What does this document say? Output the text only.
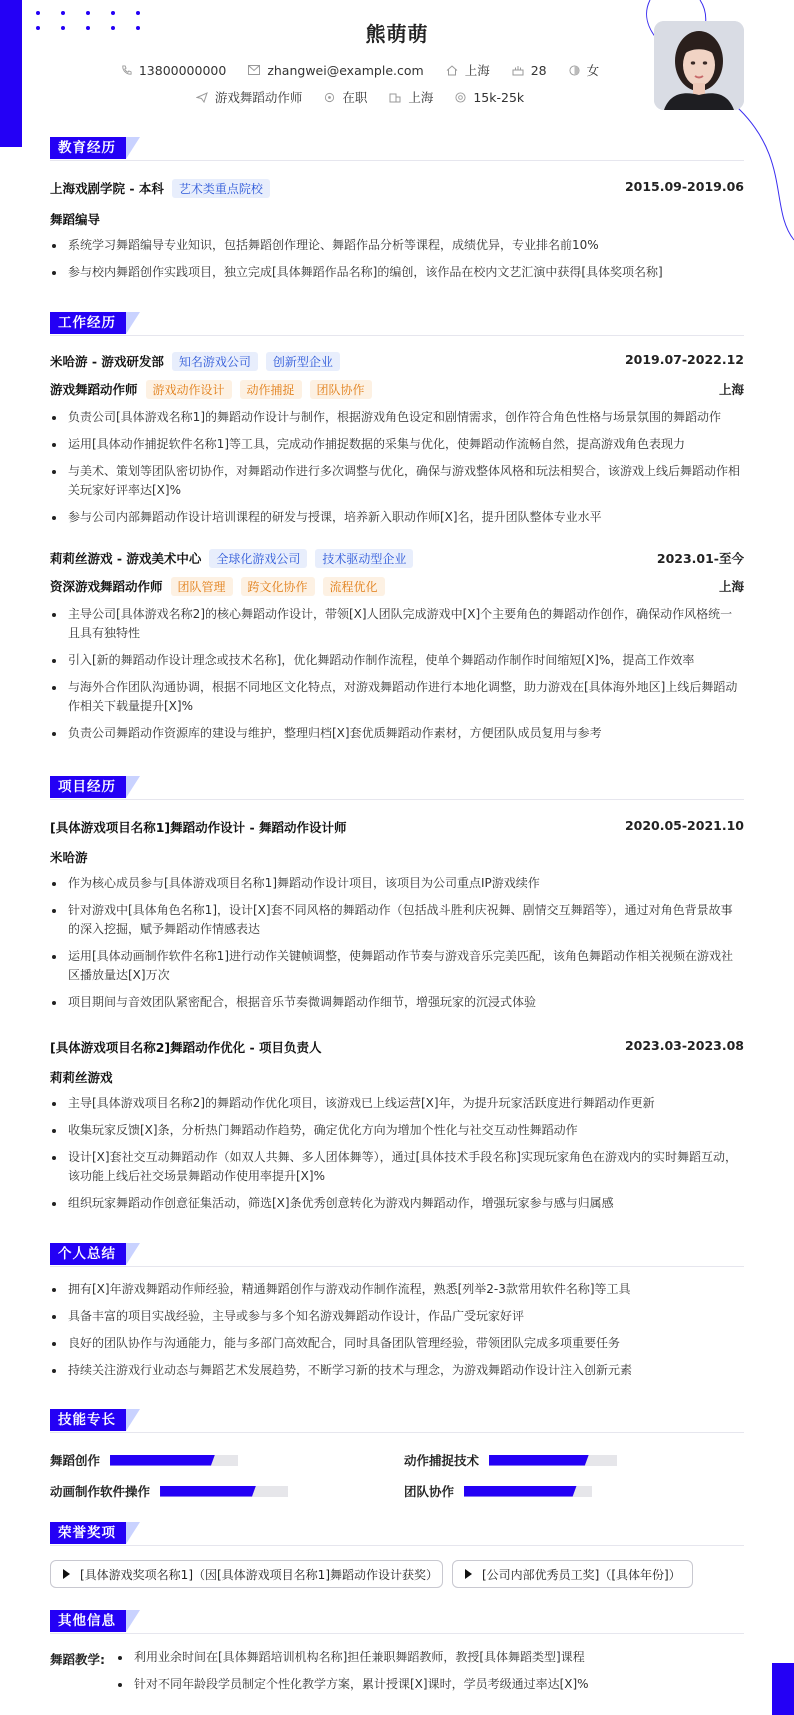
熊萌萌
13800000000	zhangwei@example.com	上海	28	女
游戏舞蹈动作师	在职	上海	15k-25k
教育经历
上海戏剧学院 - 本科 艺术类重点院校	2015.09-2019.06
舞蹈编导
系统学习舞蹈编导专业知识，包括舞蹈创作理论、舞蹈作品分析等课程，成绩优异，专业排名前10%
参与校内舞蹈创作实践项目，独立完成[具体舞蹈作品名称]的编创，该作品在校内文艺汇演中获得[具体奖项名称]
工作经历
米哈游 - 游戏研发部 知名游戏公司 创新型企业	2019.07-2022.12
游戏舞蹈动作师 游戏动作设计 动作捕捉 团队协作	上海
负责公司[具体游戏名称1]的舞蹈动作设计与制作，根据游戏角色设定和剧情需求，创作符合角色性格与场景氛围的舞蹈动作
运用[具体动作捕捉软件名称1]等工具，完成动作捕捉数据的采集与优化，使舞蹈动作流畅自然，提高游戏角色表现力
与美术、策划等团队密切协作，对舞蹈动作进行多次调整与优化，确保与游戏整体风格和玩法相契合，该游戏上线后舞蹈动作相关玩家好评率达[X]%
参与公司内部舞蹈动作设计培训课程的研发与授课，培养新入职动作师[X]名，提升团队整体专业水平
莉莉丝游戏 - 游戏美术中心 全球化游戏公司 技术驱动型企业	2023.01-至今
资深游戏舞蹈动作师 团队管理 跨文化协作 流程优化	上海
主导公司[具体游戏名称2]的核心舞蹈动作设计，带领[X]人团队完成游戏中[X]个主要角色的舞蹈动作创作，确保动作风格统一且具有独特性
引入[新的舞蹈动作设计理念或技术名称]，优化舞蹈动作制作流程，使单个舞蹈动作制作时间缩短[X]%，提高工作效率
与海外合作团队沟通协调，根据不同地区文化特点，对游戏舞蹈动作进行本地化调整，助力游戏在[具体海外地区]上线后舞蹈动作相关下载量提升[X]%
负责公司舞蹈动作资源库的建设与维护，整理归档[X]套优质舞蹈动作素材，方便团队成员复用与参考
项目经历
[具体游戏项目名称1]舞蹈动作设计 - 舞蹈动作设计师	2020.05-2021.10
米哈游
作为核心成员参与[具体游戏项目名称1]舞蹈动作设计项目，该项目为公司重点IP游戏续作
针对游戏中[具体角色名称1]，设计[X]套不同风格的舞蹈动作（包括战斗胜利庆祝舞、剧情交互舞蹈等），通过对角色背景故事的深入挖掘，赋予舞蹈动作情感表达
运用[具体动画制作软件名称1]进行动作关键帧调整，使舞蹈动作节奏与游戏音乐完美匹配，该角色舞蹈动作相关视频在游戏社区播放量达[X]万次
项目期间与音效团队紧密配合，根据音乐节奏微调舞蹈动作细节，增强玩家的沉浸式体验
[具体游戏项目名称2]舞蹈动作优化 - 项目负责人	2023.03-2023.08
莉莉丝游戏
主导[具体游戏项目名称2]的舞蹈动作优化项目，该游戏已上线运营[X]年，为提升玩家活跃度进行舞蹈动作更新
收集玩家反馈[X]条，分析热门舞蹈动作趋势，确定优化方向为增加个性化与社交互动性舞蹈动作
设计[X]套社交互动舞蹈动作（如双人共舞、多人团体舞等），通过[具体技术手段名称]实现玩家角色在游戏内的实时舞蹈互动，该功能上线后社交场景舞蹈动作使用率提升[X]%
组织玩家舞蹈动作创意征集活动，筛选[X]条优秀创意转化为游戏内舞蹈动作，增强玩家参与感与归属感
个人总结
拥有[X]年游戏舞蹈动作师经验，精通舞蹈创作与游戏动作制作流程，熟悉[列举2-3款常用软件名称]等工具
具备丰富的项目实战经验，主导或参与多个知名游戏舞蹈动作设计，作品广受玩家好评
良好的团队协作与沟通能力，能与多部门高效配合，同时具备团队管理经验，带领团队完成多项重要任务
持续关注游戏行业动态与舞蹈艺术发展趋势，不断学习新的技术与理念，为游戏舞蹈动作设计注入创新元素
技能专长
舞蹈创作	动作捕捉技术
动画制作软件操作	团队协作
荣誉奖项
[具体游戏奖项名称1]（因[具体游戏项目名称1]舞蹈动作设计获奖）	[公司内部优秀员工奖]（[具体年份]）
其他信息
舞蹈教学:	利用业余时间在[具体舞蹈培训机构名称]担任兼职舞蹈教师，教授[具体舞蹈类型]课程
针对不同年龄段学员制定个性化教学方案，累计授课[X]课时，学员考级通过率达[X]%
